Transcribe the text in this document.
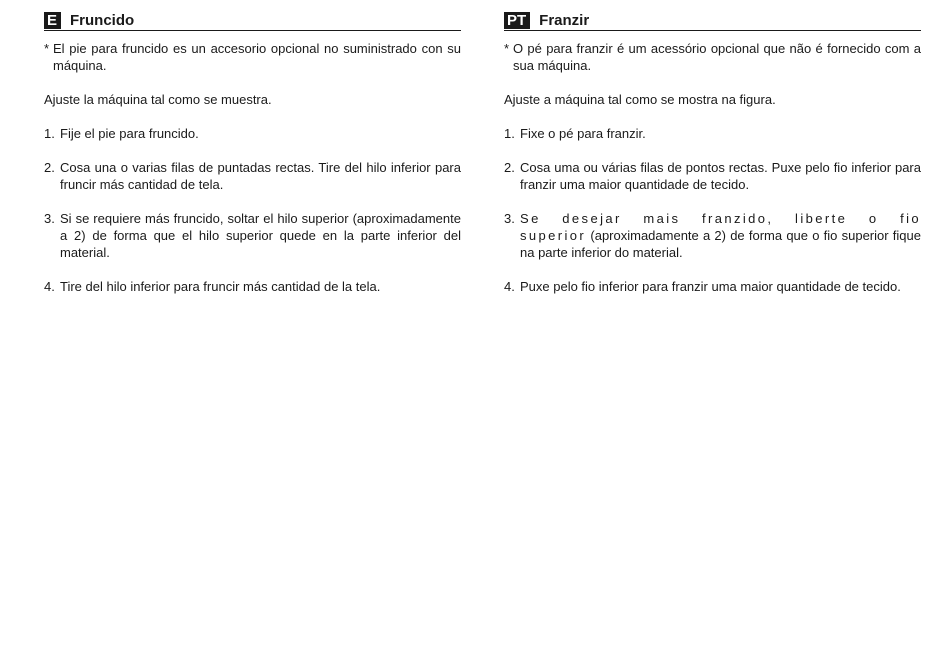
E Fruncido
* El pie para fruncido es un accesorio opcional no suministrado con su máquina.

Ajuste la máquina tal como se muestra.

1. Fije el pie para fruncido.
2. Cosa una o varias filas de puntadas rectas. Tire del hilo inferior para fruncir más cantidad de tela.
3. Si se requiere más fruncido, soltar el hilo superior (aproximadamente a 2) de forma que el hilo superior quede en la parte inferior del material.
4. Tire del hilo inferior para fruncir más cantidad de la tela.
PT Franzir
* O pé para franzir é um acessório opcional que não é fornecido com a sua máquina.

Ajuste a máquina tal como se mostra na figura.

1. Fixe o pé para franzir.
2. Cosa uma ou várias filas de pontos rectas. Puxe pelo fio inferior para franzir uma maior quantidade de tecido.
3. Se desejar mais franzido, liberte o fio superior (aproximadamente a 2) de forma que o fio superior fique na parte inferior do material.
4. Puxe pelo fio inferior para franzir uma maior quantidade de tecido.
